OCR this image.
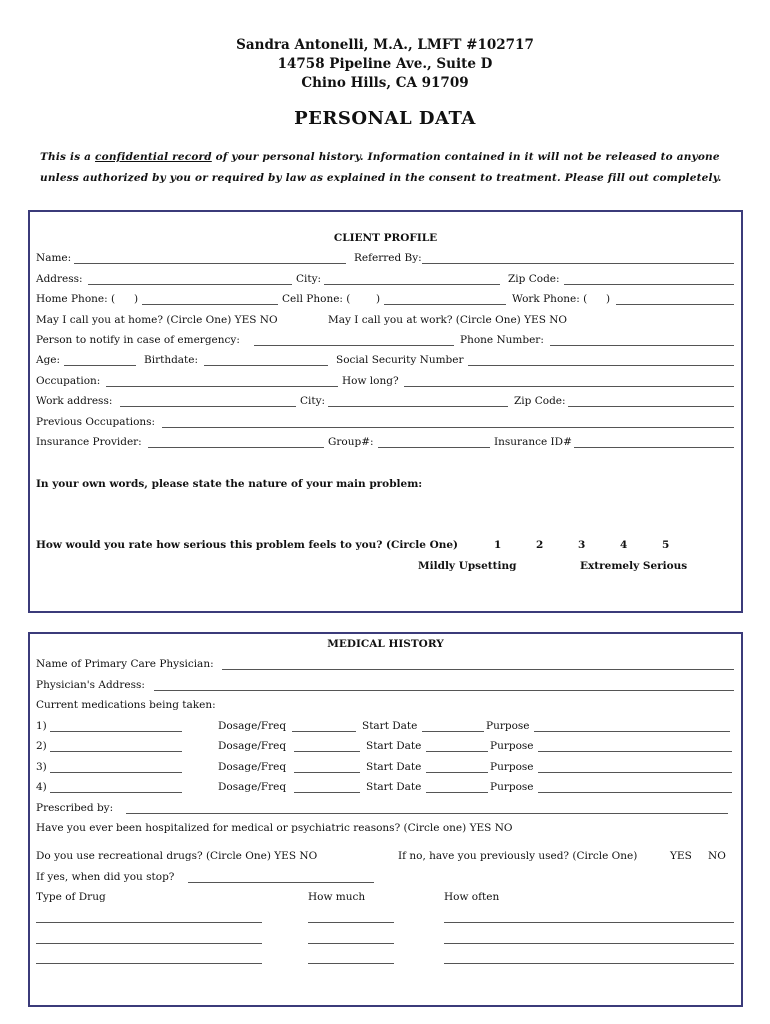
Sandra Antonelli, M.A., LMFT #102717
14758 Pipeline Ave., Suite D
Chino Hills, CA 91709
PERSONAL DATA
This is a confidential record of your personal history. Information contained in it will not be released to anyone
unless authorized by you or required by law as explained in the consent to treatment. Please fill out completely.
CLIENT PROFILE
Name:	Referred By:
Address:	City:	Zip Code:
Home Phone: ( )	Cell Phone: ( )	Work Phone: ( )
May I call you at home? (Circle One) YES NO	May I call you at work? (Circle One) YES NO
Person to notify in case of emergency:	Phone Number:
Age:	Birthdate:	Social Security Number
Occupation:	How long?
Work address:	City:	Zip Code:
Previous Occupations:
Insurance Provider:	Group#:	Insurance ID#
In your own words, please state the nature of your main problem:
How would you rate how serious this problem feels to you? (Circle One)	1	2	3	4	5
Mildly Upsetting	Extremely Serious
MEDICAL HISTORY
Name of Primary Care Physician:
Physician's Address:
Current medications being taken:
1)	Dosage/Freq	Start Date	Purpose
2)	Dosage/Freq	Start Date	Purpose
3)	Dosage/Freq	Start Date	Purpose
4)	Dosage/Freq	Start Date	Purpose
Prescribed by:
Have you ever been hospitalized for medical or psychiatric reasons? (Circle one) YES NO
Do you use recreational drugs? (Circle One) YES NO	If no, have you previously used? (Circle One)	YES NO
If yes, when did you stop?
Type of Drug	How much	How often
